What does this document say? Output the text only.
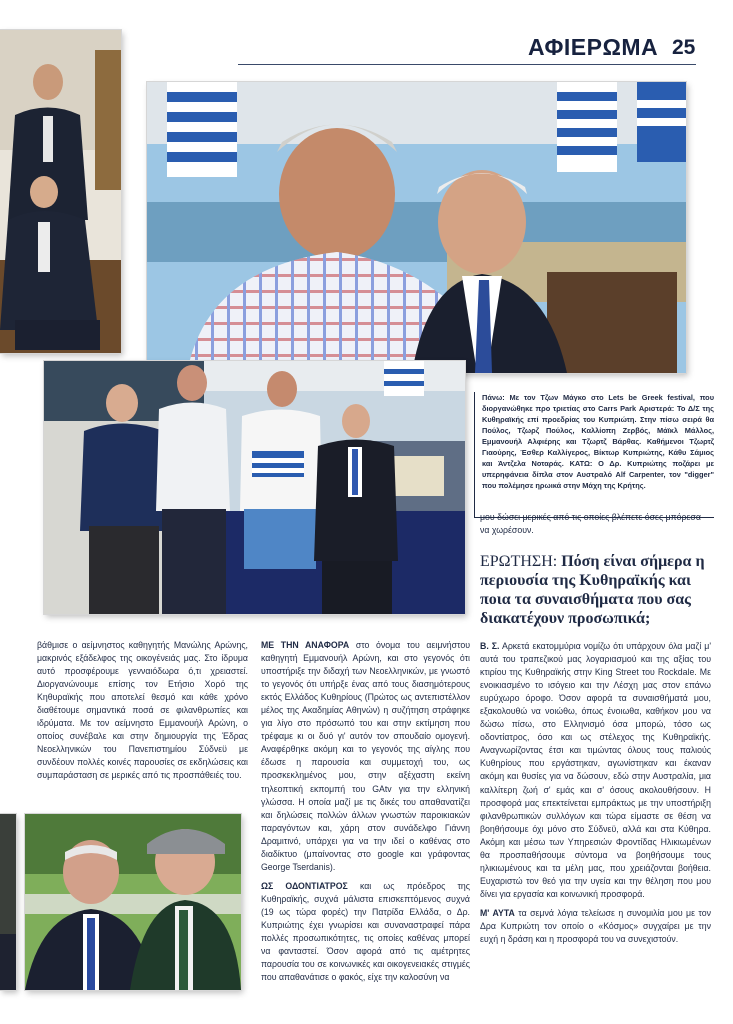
ΑΦΙΕΡΩΜΑ 25

Πάνω: Με τον Τζων Μάγκο στο Lets be Greek festival, που διοργανώθηκε προ τριετίας στο Carrs Park Αριστερά: Το Δ/Σ της Κυθηραϊκής επί προεδρίας του Κυπριώτη. Στην πίσω σειρά θα Πούλος, Τζωρζ Πούλος, Καλλίοπη Ζερβός, Μάϊκλ Μάλλος, Εμμανουήλ Αλφιέρης και Τζωρτζ Βάρθας. Καθήμενοι Τζωρτζ Γιαούρης, Έσθερ Καλλίγερος, Βίκτωρ Κυπριώτης, Κάθυ Σάμιος και Άντζελα Νοταράς. ΚΑΤΩ: Ο Δρ. Κυπριώτης ποζάρει με υπερηφάνεια δίπλα στον Αυστραλό Alf Carpenter, τον "digger" που πολέμησε ηρωικά στην Μάχη της Κρήτης.

μου δώσει μερικές από τις οποίες βλέπετε όσες μπόρεσα να χωρέσουν.
ΕΡΩΤΗΣΗ: Πόση είναι σήμερα η περιουσία της Κυθηραϊκής και ποια τα συναισθήματα που σας διακατέχουν προσωπικά;

βάθμισε ο αείμνηστος καθηγητής Μανώλης Αρώνης, μακρινός εξάδελφος της οικογένειάς μας. Στο ίδρυμα αυτό προσφέρουμε γενναιόδωρα ό,τι χρειαστεί. Διοργανώνουμε επίσης τον Ετήσιο Χορό της Κηθυραϊκής που αποτελεί θεσμό και κάθε χρόνο διαθέτουμε σημαντικά ποσά σε φιλανθρωπίες και ιδρύματα. Με τον αείμνηστο Εμμανουήλ Αρώνη, ο οποίος συνέβαλε και στην δημιουργία της Έδρας Νεοελληνικών του Πανεπιστημίου Σύδνεϋ με συνδέουν πολλές κοινές παρουσίες σε εκδηλώσεις και συμπαράσταση σε μερικές από τις προσπάθειές του.

ΜΕ ΤΗΝ ΑΝΑΦΟΡΑ στο όνομα του αειμνήστου καθηγητή Εμμανουήλ Αρώνη, και στο γεγονός ότι υποστήριξε την διδαχή των Νεοελληνικών, με γνωστό το γεγονός ότι υπήρξε ένας από τους διασημότερους εκτός Ελλάδος Κυθηρίους (Πρώτος ως αντεπιστέλλον μέλος της Ακαδημίας Αθηνών) η συζήτηση στράφηκε για λίγο στο πρόσωπό του και στην εκτίμηση που τρέφαμε κι οι δυό γι' αυτόν τον σπουδαίο ομογενή. Αναφέρθηκε ακόμη και το γεγονός της αίγλης που έδωσε η παρουσία και συμμετοχή του, ως προσκεκλημένος μου, στην αξέχαστη εκείνη τηλεοπτική εκπομπή του GAtv για την ελληνική γλώσσα. Η οποία μαζί με τις δικές του απαθανατίζει και δηλώσεις πολλών άλλων γνωστών παροικιακών παραγόντων και, χάρη στον συνάδελφο Γιάννη Δραμιτινό, υπάρχει για να την ιδεί ο καθένας στο διαδίκτυο (μπαίνοντας στο google και γράφοντας George Tserdanis).

ΩΣ ΟΔΟΝΤΙΑΤΡΟΣ και ως πρόεδρος της Κυθηραϊκής, συχνά μάλιστα επισκεπτόμενος συχνά (19 ως τώρα φορές) την Πατρίδα Ελλάδα, ο Δρ. Κυπριώτης έχει γνωρίσει και συναναστραφεί πάρα πολλές προσωπικότητες, τις οποίες καθένας μπορεί να φανταστεί. Όσον αφορά από τις αμέτρητες παρουσία του σε κοινωνικές και οικογενειακές στιγμές που απαθανάτισε ο φακός, είχε την καλοσύνη να

Β. Σ. Αρκετά εκατομμύρια νομίζω ότι υπάρχουν όλα μαζί μ' αυτά του τραπεζικού μας λογαριασμού και της αξίας του κτιρίου της Κυθηραϊκής στην King Street του Rockdale. Με ενοικιασμένο το ισόγειο και την Λέσχη μας στον επάνω ευρύχωρο όροφο. Όσον αφορά τα συναισθήματά μου, εξακολουθώ να νοιώθω, όπως ένοιωθα, καθήκον μου να δώσω πίσω, στο Ελληνισμό όσα μπορώ, τόσο ως οδοντίατρος, όσο και ως στέλεχος της Κυθηραϊκής. Αναγνωρίζοντας έτσι και τιμώντας όλους τους παλιούς Κυθηρίους που εργάστηκαν, αγωνίστηκαν και έκαναν ακόμη και θυσίες για να δώσουν, εδώ στην Αυστραλία, μια καλλίτερη ζωή σ' εμάς και σ' όσους ακολουθήσουν. Η προσφορά μας επεκτείνεται εμπράκτως με την υποστήριξη φιλανθρωπικών συλλόγων και τώρα είμαστε σε θέση να βοηθήσουμε όχι μόνο στο Σύδνεϋ, αλλά και στα Κύθηρα. Ακόμη και μέσω των Υπηρεσιών Φροντίδας Ηλικιωμένων θα προσπαθήσουμε σύντομα να βοηθήσουμε τους ηλικιωμένους και τα μέλη μας, που χρειάζονται βοήθεια. Ευχαριστώ τον θεό για την υγεία και την θέληση που μου δίνει για εργασία και κοινωνική προσφορά.

Μ' ΑΥΤΑ τα σεμνά λόγια τελείωσε η συνομιλία μου με τον Δρα Κυπριώτη τον οποίο ο «Κόσμος» συγχαίρει με την ευχή η δράση και η προσφορά του να συνεχιστούν.
